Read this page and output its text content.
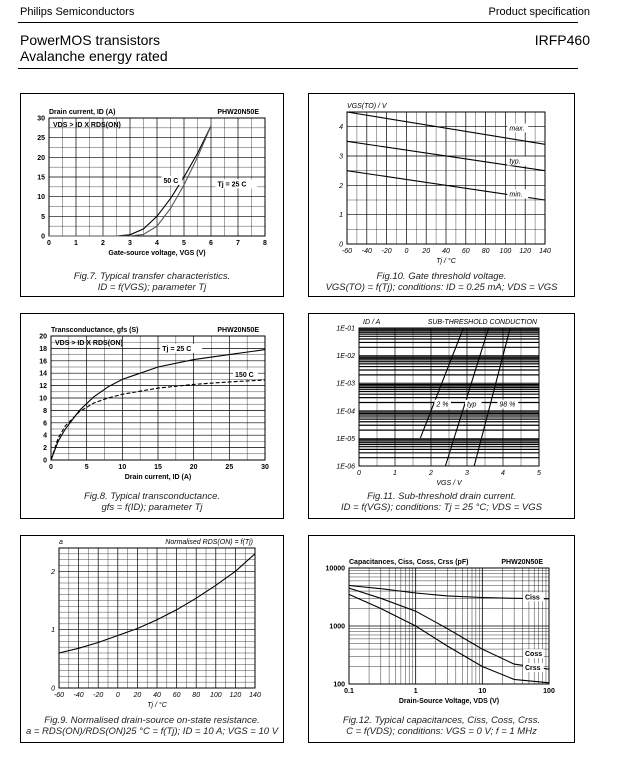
Philips Semiconductors	Product specification
PowerMOS transistors
Avalanche energy rated
IRFP460
0	1	2	3	4	5	6	7	8
0
5
10
15
20
25
30
Drain current, ID (A)	PHW20N50E
VDS > ID X RDS(ON)
Gate-source voltage, VGS (V)
50 C
Tj = 25 C
Fig.7. Typical transfer characteristics.
ID = f(VGS); parameter Tj
-60 -40 -20 0 20 40 60 80 100 120 140
0
1
2
3
4
VGS(TO) / V
Tj / °C
max.
typ.
min.
Fig.10. Gate threshold voltage.
VGS(TO) = f(Tj); conditions: ID = 0.25 mA; VDS = VGS
0	5	10	15	20	25	30
0
2
4
6
8
10
12
14
16
18
20
Transconductance, gfs (S)	PHW20N50E
VDS > ID X RDS(ON)
Drain current, ID (A)
Tj = 25 C
150 C
Fig.8. Typical transconductance.
gfs = f(ID); parameter Tj
0	1	2	3	4	5
1E-06
1E-05
1E-04
1E-03
1E-02
1E-01
ID / A	SUB-THRESHOLD CONDUCTION
VGS / V
2 %	typ	98 %
Fig.11. Sub-threshold drain current.
ID = f(VGS); conditions: Tj = 25 °C; VDS = VGS
-60 -40 -20 0 20 40 60 80 100 120 140
0
1
2
a	Normalised RDS(ON) = f(Tj)
Tj / °C
Fig.9. Normalised drain-source on-state resistance.
a = RDS(ON)/RDS(ON)25 °C = f(Tj); ID = 10 A; VGS = 10 V
0.1	1	10	100
100
1000
10000
Capacitances, Ciss, Coss, Crss (pF)	PHW20N50E
Drain-Source Voltage, VDS (V)
Ciss
Coss
Crss
Fig.12. Typical capacitances, Ciss, Coss, Crss.
C = f(VDS); conditions: VGS = 0 V; f = 1 MHz
